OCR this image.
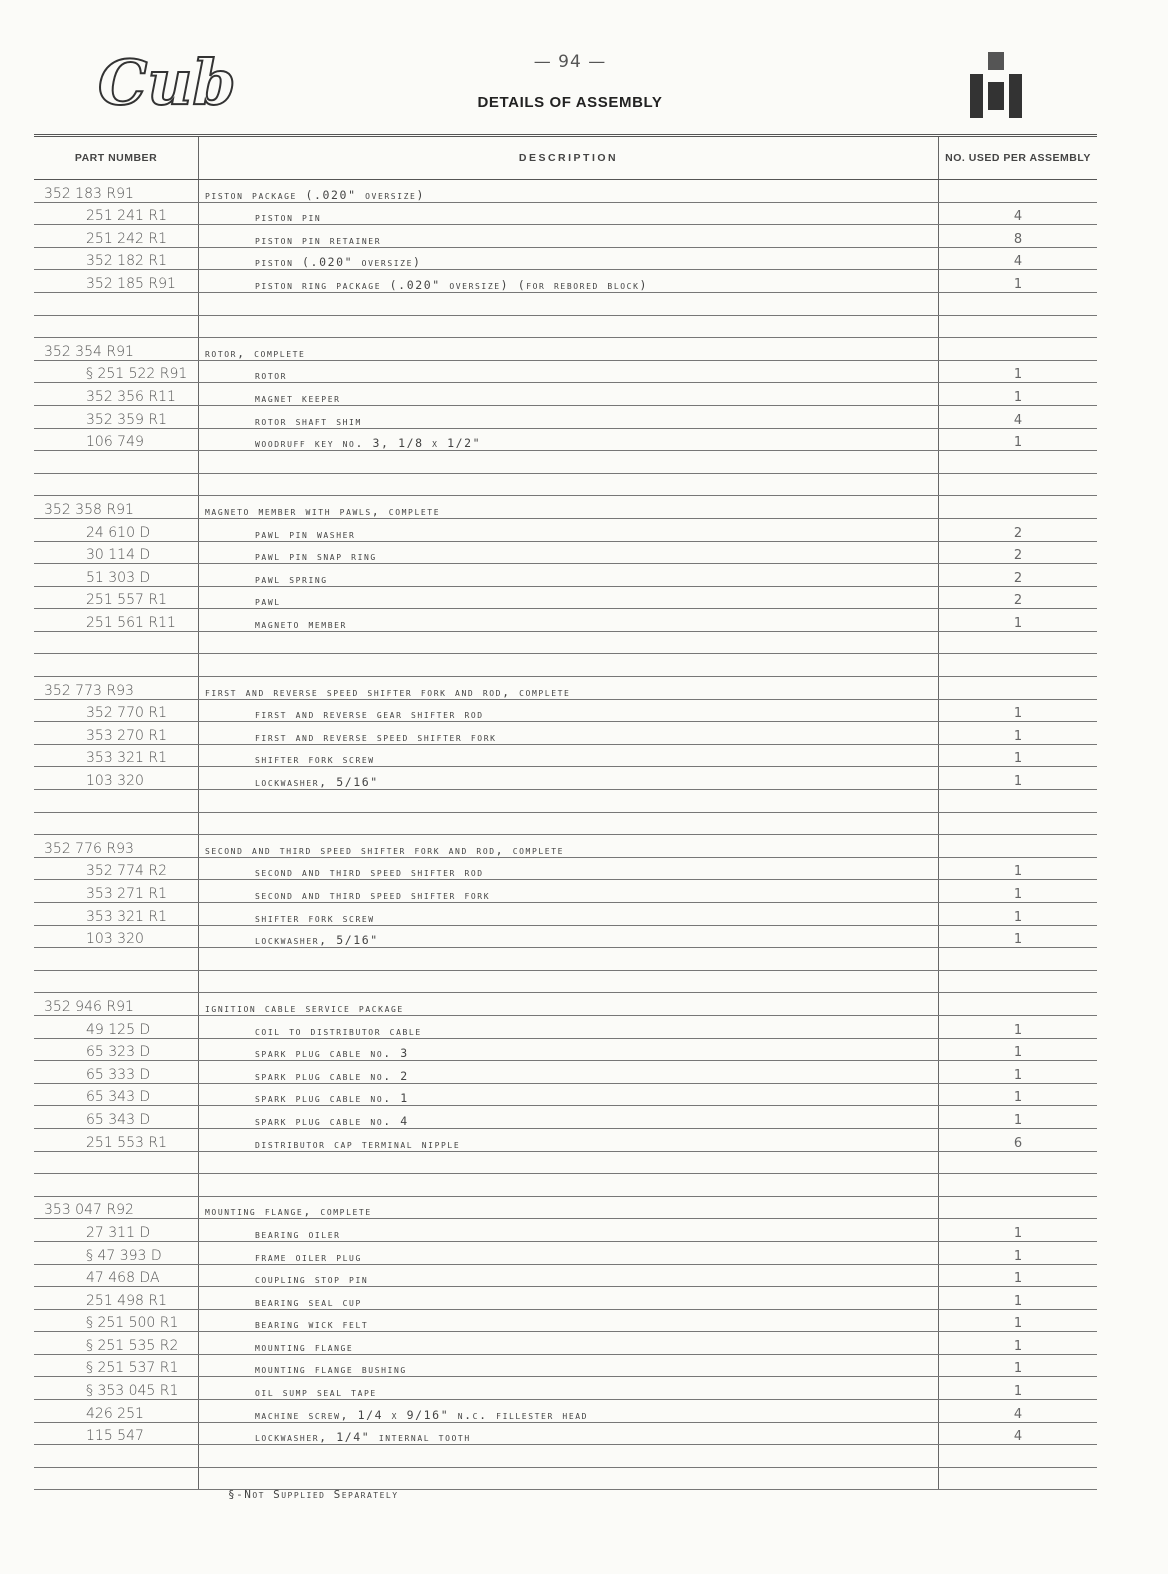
Cub	— 94 —
DETAILS OF ASSEMBLY
PART NUMBER	DESCRIPTION	NO. USED PER ASSEMBLY
352 183 R91	piston package (.020" oversize)	
251 241 R1	piston pin	4
251 242 R1	piston pin retainer	8
352 182 R1	piston (.020" oversize)	4
352 185 R91	piston ring package (.020" oversize) (for rebored block)	1

352 354 R91	rotor, complete	
§ 251 522 R91	rotor	1
352 356 R11	magnet keeper	1
352 359 R1	rotor shaft shim	4
106 749	woodruff key no. 3, 1/8 x 1/2"	1

352 358 R91	magneto member with pawls, complete	
24 610 D	pawl pin washer	2
30 114 D	pawl pin snap ring	2
51 303 D	pawl spring	2
251 557 R1	pawl	2
251 561 R11	magneto member	1

352 773 R93	first and reverse speed shifter fork and rod, complete	
352 770 R1	first and reverse gear shifter rod	1
353 270 R1	first and reverse speed shifter fork	1
353 321 R1	shifter fork screw	1
103 320	lockwasher, 5/16"	1

352 776 R93	second and third speed shifter fork and rod, complete	
352 774 R2	second and third speed shifter rod	1
353 271 R1	second and third speed shifter fork	1
353 321 R1	shifter fork screw	1
103 320	lockwasher, 5/16"	1

352 946 R91	ignition cable service package	
49 125 D	coil to distributor cable	1
65 323 D	spark plug cable no. 3	1
65 333 D	spark plug cable no. 2	1
65 343 D	spark plug cable no. 1	1
65 343 D	spark plug cable no. 4	1
251 553 R1	distributor cap terminal nipple	6

353 047 R92	mounting flange, complete	
27 311 D	bearing oiler	1
§ 47 393 D	frame oiler plug	1
47 468 DA	coupling stop pin	1
251 498 R1	bearing seal cup	1
§ 251 500 R1	bearing wick felt	1
§ 251 535 R2	mounting flange	1
§ 251 537 R1	mounting flange bushing	1
§ 353 045 R1	oil sump seal tape	1
426 251	machine screw, 1/4 x 9/16" n.c. fillester head	4
115 547	lockwasher, 1/4" internal tooth	4

§-Not Supplied Separately
